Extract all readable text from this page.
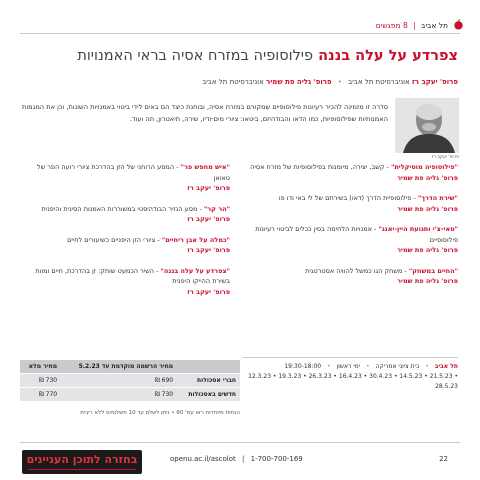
תל אביב | 8 מפגשים
צפרדע על עלה בננה פילוסופיה במזרח אסיה בראי האמנויות
פרופ' יעקב רז אוניברסיטת תל אביב • פרופ' גליה פת שמיר אוניברסיטת תל אביב
פרופ' יעקב רז
סדרה זו מזמינה להכיר רעיונות פילוסופיים שמקורם במזרח אסיה, ובוחנת כיצד הם באים לידי ביטוי באמנויות השונות, וכן את המגמות האמנותיות שפילוסופיות, כמו הדאו והבודהיזם, ביטאו: ציורי מים-ודיו, שירה, תיאטרון, תה ועוד.
"פילוסופיה מוסיקלית" - קשב, יצירה, מיומנות בפילוסופיות של מזרח אסיה
פרופ' גליה פת שמיר
"שירת הדרך" - פילוסופיית הדרך (דאו) בשירתם של לי באי ודו פו
פרופ' גליה פת שמיר
"טאי-צ'י ותנועת היין-יאנג" - אמנויות הלחימה בסין ככלים לביטוי רעיונות פילוסופיים
פרופ' גליה פת שמיר
"החיים במשחק" - משחק הגו כמשל להוויה אסטרטגית
פרופ' גליה פת שמיר
"איש מחפש פר" - המסע הרוחני של הזן בהדרכת ציורי רועה הפר של טאואן
פרופ' יעקב רז
"הר קר" - מסע הנזיר הבודהיסטי במשוררות האמנות הסינית והיפנית
פרופ' יעקב רז
"כמלה על אבן ריחיים" - ציורי הזן היפניים כשיעורים לחיים
פרופ' יעקב רז
"צפרדע על עלה בננה" - השיר הכמעט שותק: זן בהדרכת, חיים ומוות בשירת ההייקו היפנית
פרופ' יעקב רז
תל אביב • בית ציוני אמריקה • ימי ראשון • 19:30-18:00
12.3.23 • 19.3.23 • 26.3.23 • 16.4.23 • 30.4.23 • 14.5.23 • 21.5.23 • 28.5.23
	מחיר הרשמה מוקדמת עד 5.2.23	מחיר מלא
חברי אסכולות	690 ₪	730 ₪
חדשים באסכולות	730 ₪	770 ₪
הנחות מיוחדות ראו עמ' 60 • ניתן לשלם עד 10 תשלומים ללא ריבית
22
openu.ac.il/ascolot | 1-700-700-169
בחזרה לתוכן העניינים
